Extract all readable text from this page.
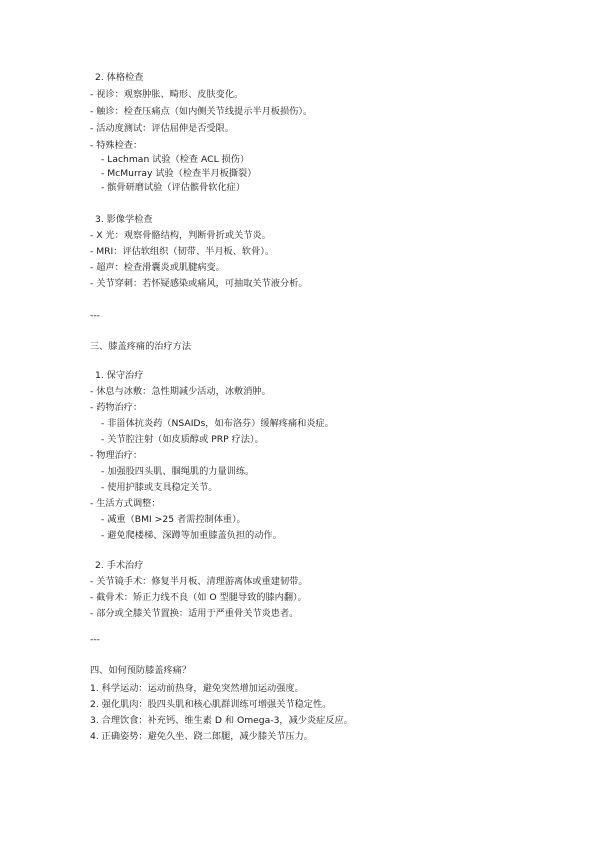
2. 体格检查
- 视诊：观察肿胀、畸形、皮肤变化。
- 触诊：检查压痛点（如内侧关节线提示半月板损伤）。
- 活动度测试：评估屈伸是否受限。
- 特殊检查：
- Lachman 试验（检查 ACL 损伤）
- McMurray 试验（检查半月板撕裂）
- 髌骨研磨试验（评估髌骨软化症）
3. 影像学检查
- X 光：观察骨骼结构，判断骨折或关节炎。
- MRI：评估软组织（韧带、半月板、软骨）。
- 超声：检查滑囊炎或肌腱病变。
- 关节穿刺：若怀疑感染或痛风，可抽取关节液分析。
---
三、膝盖疼痛的治疗方法
1. 保守治疗
- 休息与冰敷：急性期减少活动，冰敷消肿。
- 药物治疗：
- 非甾体抗炎药（NSAIDs，如布洛芬）缓解疼痛和炎症。
- 关节腔注射（如皮质醇或 PRP 疗法）。
- 物理治疗：
- 加强股四头肌、腘绳肌的力量训练。
- 使用护膝或支具稳定关节。
- 生活方式调整：
- 减重（BMI >25 者需控制体重）。
- 避免爬楼梯、深蹲等加重膝盖负担的动作。
2. 手术治疗
- 关节镜手术：修复半月板、清理游离体或重建韧带。
- 截骨术：矫正力线不良（如 O 型腿导致的膝内翻）。
- 部分或全膝关节置换：适用于严重骨关节炎患者。
---
四、如何预防膝盖疼痛？
1. 科学运动：运动前热身，避免突然增加运动强度。
2. 强化肌肉：股四头肌和核心肌群训练可增强关节稳定性。
3. 合理饮食：补充钙、维生素 D 和 Omega-3，减少炎症反应。
4. 正确姿势：避免久坐、跷二郎腿，减少膝关节压力。
